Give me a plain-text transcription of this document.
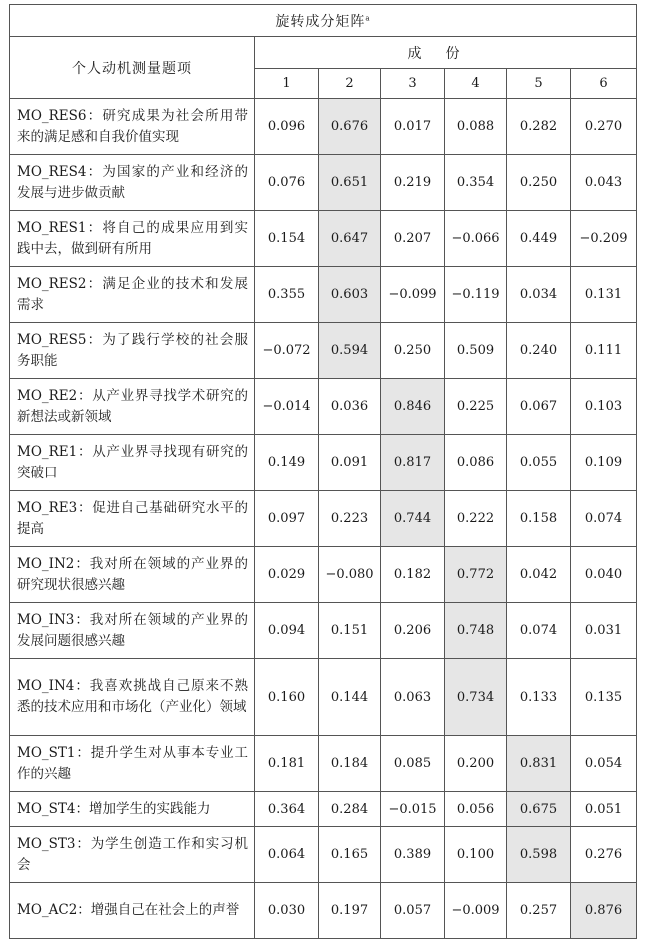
旋转成分矩阵$^a$
个人动机测量题项	成份					
	1	2	3	4	5	6
MO_RES6：研究成果为社会所用带来的满足感和自我价值实现	0.096	0.676	0.017	0.088	0.282	0.270
MO_RES4：为国家的产业和经济的发展与进步做贡献	0.076	0.651	0.219	0.354	0.250	0.043
MO_RES1：将自己的成果应用到实践中去，做到研有所用	0.154	0.647	0.207	−0.066	0.449	−0.209
MO_RES2：满足企业的技术和发展需求	0.355	0.603	−0.099	−0.119	0.034	0.131
MO_RES5：为了践行学校的社会服务职能	−0.072	0.594	0.250	0.509	0.240	0.111
MO_RE2：从产业界寻找学术研究的新想法或新领域	−0.014	0.036	0.846	0.225	0.067	0.103
MO_RE1：从产业界寻找现有研究的突破口	0.149	0.091	0.817	0.086	0.055	0.109
MO_RE3：促进自己基础研究水平的提高	0.097	0.223	0.744	0.222	0.158	0.074
MO_IN2：我对所在领域的产业界的研究现状很感兴趣	0.029	−0.080	0.182	0.772	0.042	0.040
MO_IN3：我对所在领域的产业界的发展问题很感兴趣	0.094	0.151	0.206	0.748	0.074	0.031
MO_IN4：我喜欢挑战自己原来不熟悉的技术应用和市场化（产业化）领域	0.160	0.144	0.063	0.734	0.133	0.135
MO_ST1：提升学生对从事本专业工作的兴趣	0.181	0.184	0.085	0.200	0.831	0.054
MO_ST4：增加学生的实践能力	0.364	0.284	−0.015	0.056	0.675	0.051
MO_ST3：为学生创造工作和实习机会	0.064	0.165	0.389	0.100	0.598	0.276
MO_AC2：增强自己在社会上的声誉	0.030	0.197	0.057	−0.009	0.257	0.876
